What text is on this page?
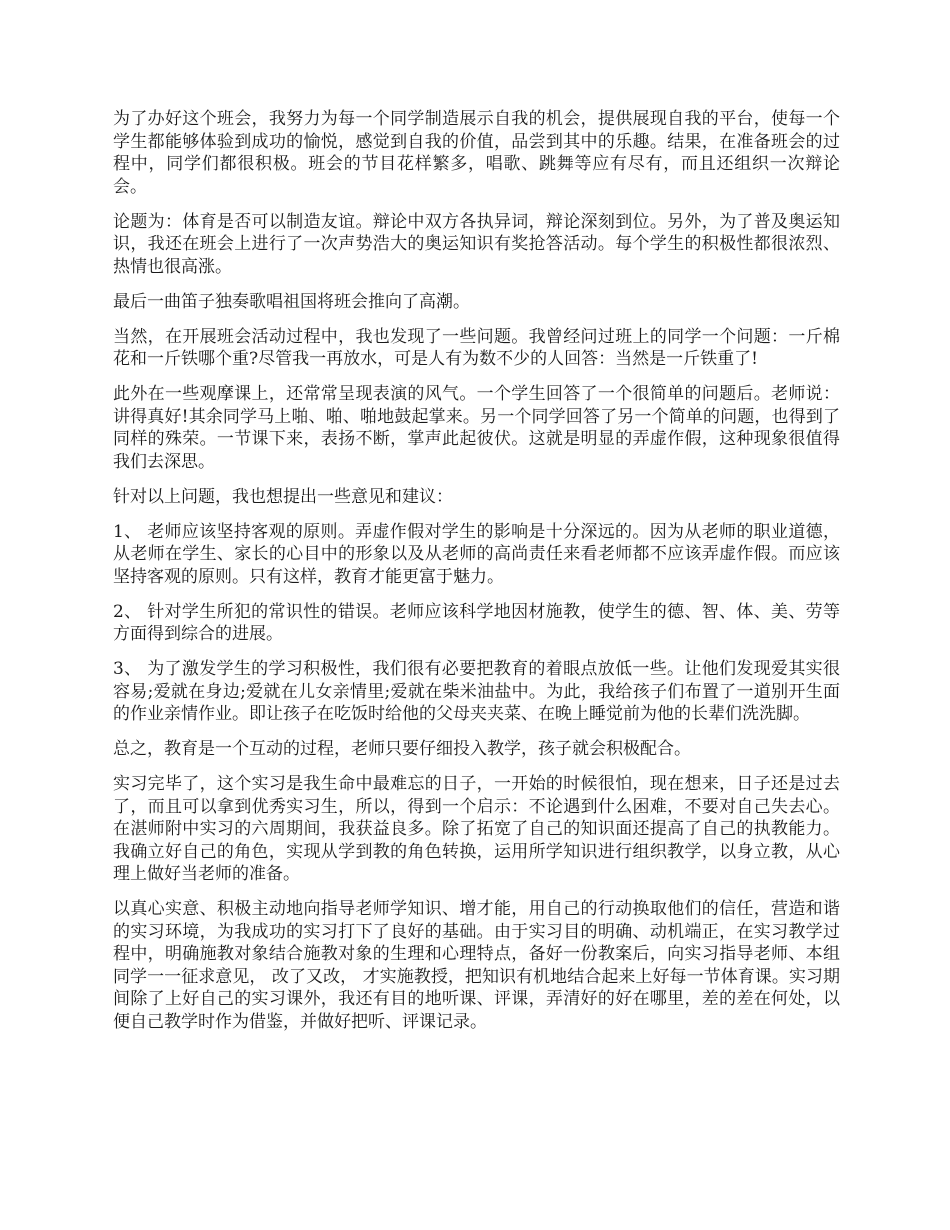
为了办好这个班会，我努力为每一个同学制造展示自我的机会，提供展现自我的平台，使每一个学生都能够体验到成功的愉悦，感觉到自我的价值，品尝到其中的乐趣。结果，在准备班会的过程中，同学们都很积极。班会的节目花样繁多，唱歌、跳舞等应有尽有，而且还组织一次辩论会。

论题为：体育是否可以制造友谊。辩论中双方各执异词，辩论深刻到位。另外，为了普及奥运知识，我还在班会上进行了一次声势浩大的奥运知识有奖抢答活动。每个学生的积极性都很浓烈、热情也很高涨。

最后一曲笛子独奏歌唱祖国将班会推向了高潮。

当然，在开展班会活动过程中，我也发现了一些问题。我曾经问过班上的同学一个问题：一斤棉花和一斤铁哪个重?尽管我一再放水，可是人有为数不少的人回答：当然是一斤铁重了!

此外在一些观摩课上，还常常呈现表演的风气。一个学生回答了一个很简单的问题后。老师说：讲得真好!其余同学马上啪、啪、啪地鼓起掌来。另一个同学回答了另一个简单的问题，也得到了同样的殊荣。一节课下来，表扬不断，掌声此起彼伏。这就是明显的弄虚作假，这种现象很值得我们去深思。

针对以上问题，我也想提出一些意见和建议：

1、 老师应该坚持客观的原则。弄虚作假对学生的影响是十分深远的。因为从老师的职业道德，从老师在学生、家长的心目中的形象以及从老师的高尚责任来看老师都不应该弄虚作假。而应该坚持客观的原则。只有这样，教育才能更富于魅力。

2、 针对学生所犯的常识性的错误。老师应该科学地因材施教，使学生的德、智、体、美、劳等方面得到综合的进展。

3、 为了激发学生的学习积极性，我们很有必要把教育的着眼点放低一些。让他们发现爱其实很容易;爱就在身边;爱就在儿女亲情里;爱就在柴米油盐中。为此，我给孩子们布置了一道别开生面的作业亲情作业。即让孩子在吃饭时给他的父母夹夹菜、在晚上睡觉前为他的长辈们洗洗脚。

总之，教育是一个互动的过程，老师只要仔细投入教学，孩子就会积极配合。

实习完毕了，这个实习是我生命中最难忘的日子，一开始的时候很怕，现在想来，日子还是过去了，而且可以拿到优秀实习生，所以，得到一个启示：不论遇到什么困难，不要对自己失去心。在湛师附中实习的六周期间，我获益良多。除了拓宽了自己的知识面还提高了自己的执教能力。 我确立好自己的角色，实现从学到教的角色转换，运用所学知识进行组织教学，以身立教，从心理上做好当老师的准备。

以真心实意、积极主动地向指导老师学知识、增才能，用自己的行动换取他们的信任，营造和谐的实习环境，为我成功的实习打下了良好的基础。由于实习目的明确、动机端正，在实习教学过程中，明确施教对象结合施教对象的生理和心理特点，备好一份教案后，向实习指导老师、本组同学一一征求意见， 改了又改， 才实施教授，把知识有机地结合起来上好每一节体育课。实习期间除了上好自己的实习课外，我还有目的地听课、评课，弄清好的好在哪里，差的差在何处，以便自己教学时作为借鉴，并做好把听、评课记录。
